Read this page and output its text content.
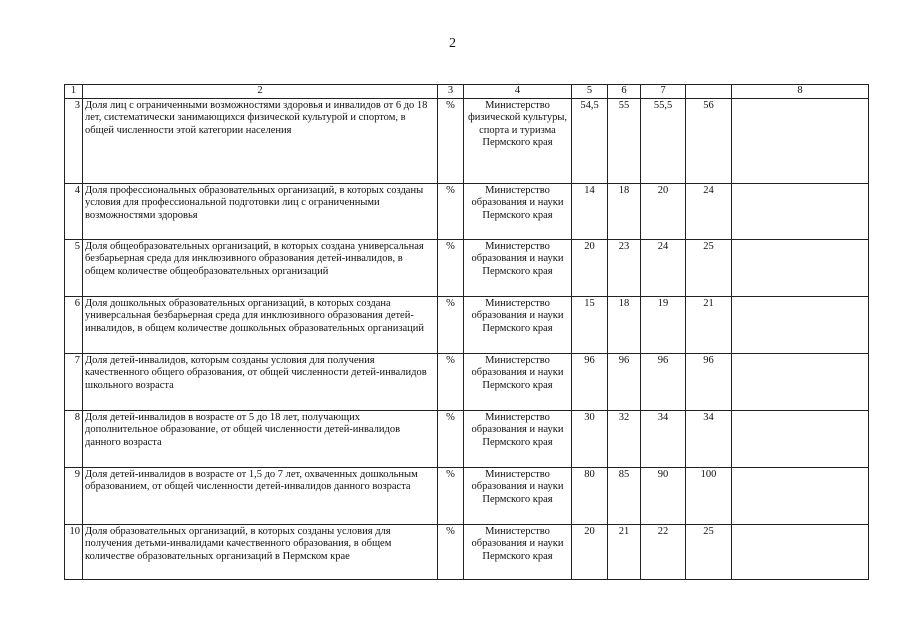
2
1	2	3	4	5	6	7		8
3	Доля лиц с ограниченными возможностями здоровья и инвалидов от 6 до 18 лет, систематически занимающихся физической культурой и спортом, в общей численности этой категории населения	%	Министерство физической культуры, спорта и туризма Пермского края	54,5	55	55,5	56	
4	Доля профессиональных образовательных организаций, в которых созданы условия для профессиональной подготовки лиц с ограниченными возможностями здоровья	%	Министерство образования и науки Пермского края	14	18	20	24	
5	Доля общеобразовательных организаций, в которых создана универсальная безбарьерная среда для инклюзивного образования детей-инвалидов, в общем количестве общеобразовательных организаций	%	Министерство образования и науки Пермского края	20	23	24	25	
6	Доля дошкольных образовательных организаций, в которых создана универсальная безбарьерная среда для инклюзивного образования детей-инвалидов, в общем количестве дошкольных образовательных организаций	%	Министерство образования и науки Пермского края	15	18	19	21	
7	Доля детей-инвалидов, которым созданы условия для получения качественного общего образования, от общей численности детей-инвалидов школьного возраста	%	Министерство образования и науки Пермского края	96	96	96	96	
8	Доля детей-инвалидов в возрасте от 5 до 18 лет, получающих дополнительное образование, от общей численности детей-инвалидов данного возраста	%	Министерство образования и науки Пермского края	30	32	34	34	
9	Доля детей-инвалидов в возрасте от 1,5 до 7 лет, охваченных дошкольным образованием, от общей численности детей-инвалидов данного возраста	%	Министерство образования и науки Пермского края	80	85	90	100	
10	Доля образовательных организаций, в которых созданы условия для получения детьми-инвалидами качественного образования, в общем количестве образовательных организаций в Пермском крае	%	Министерство образования и науки Пермского края	20	21	22	25	
